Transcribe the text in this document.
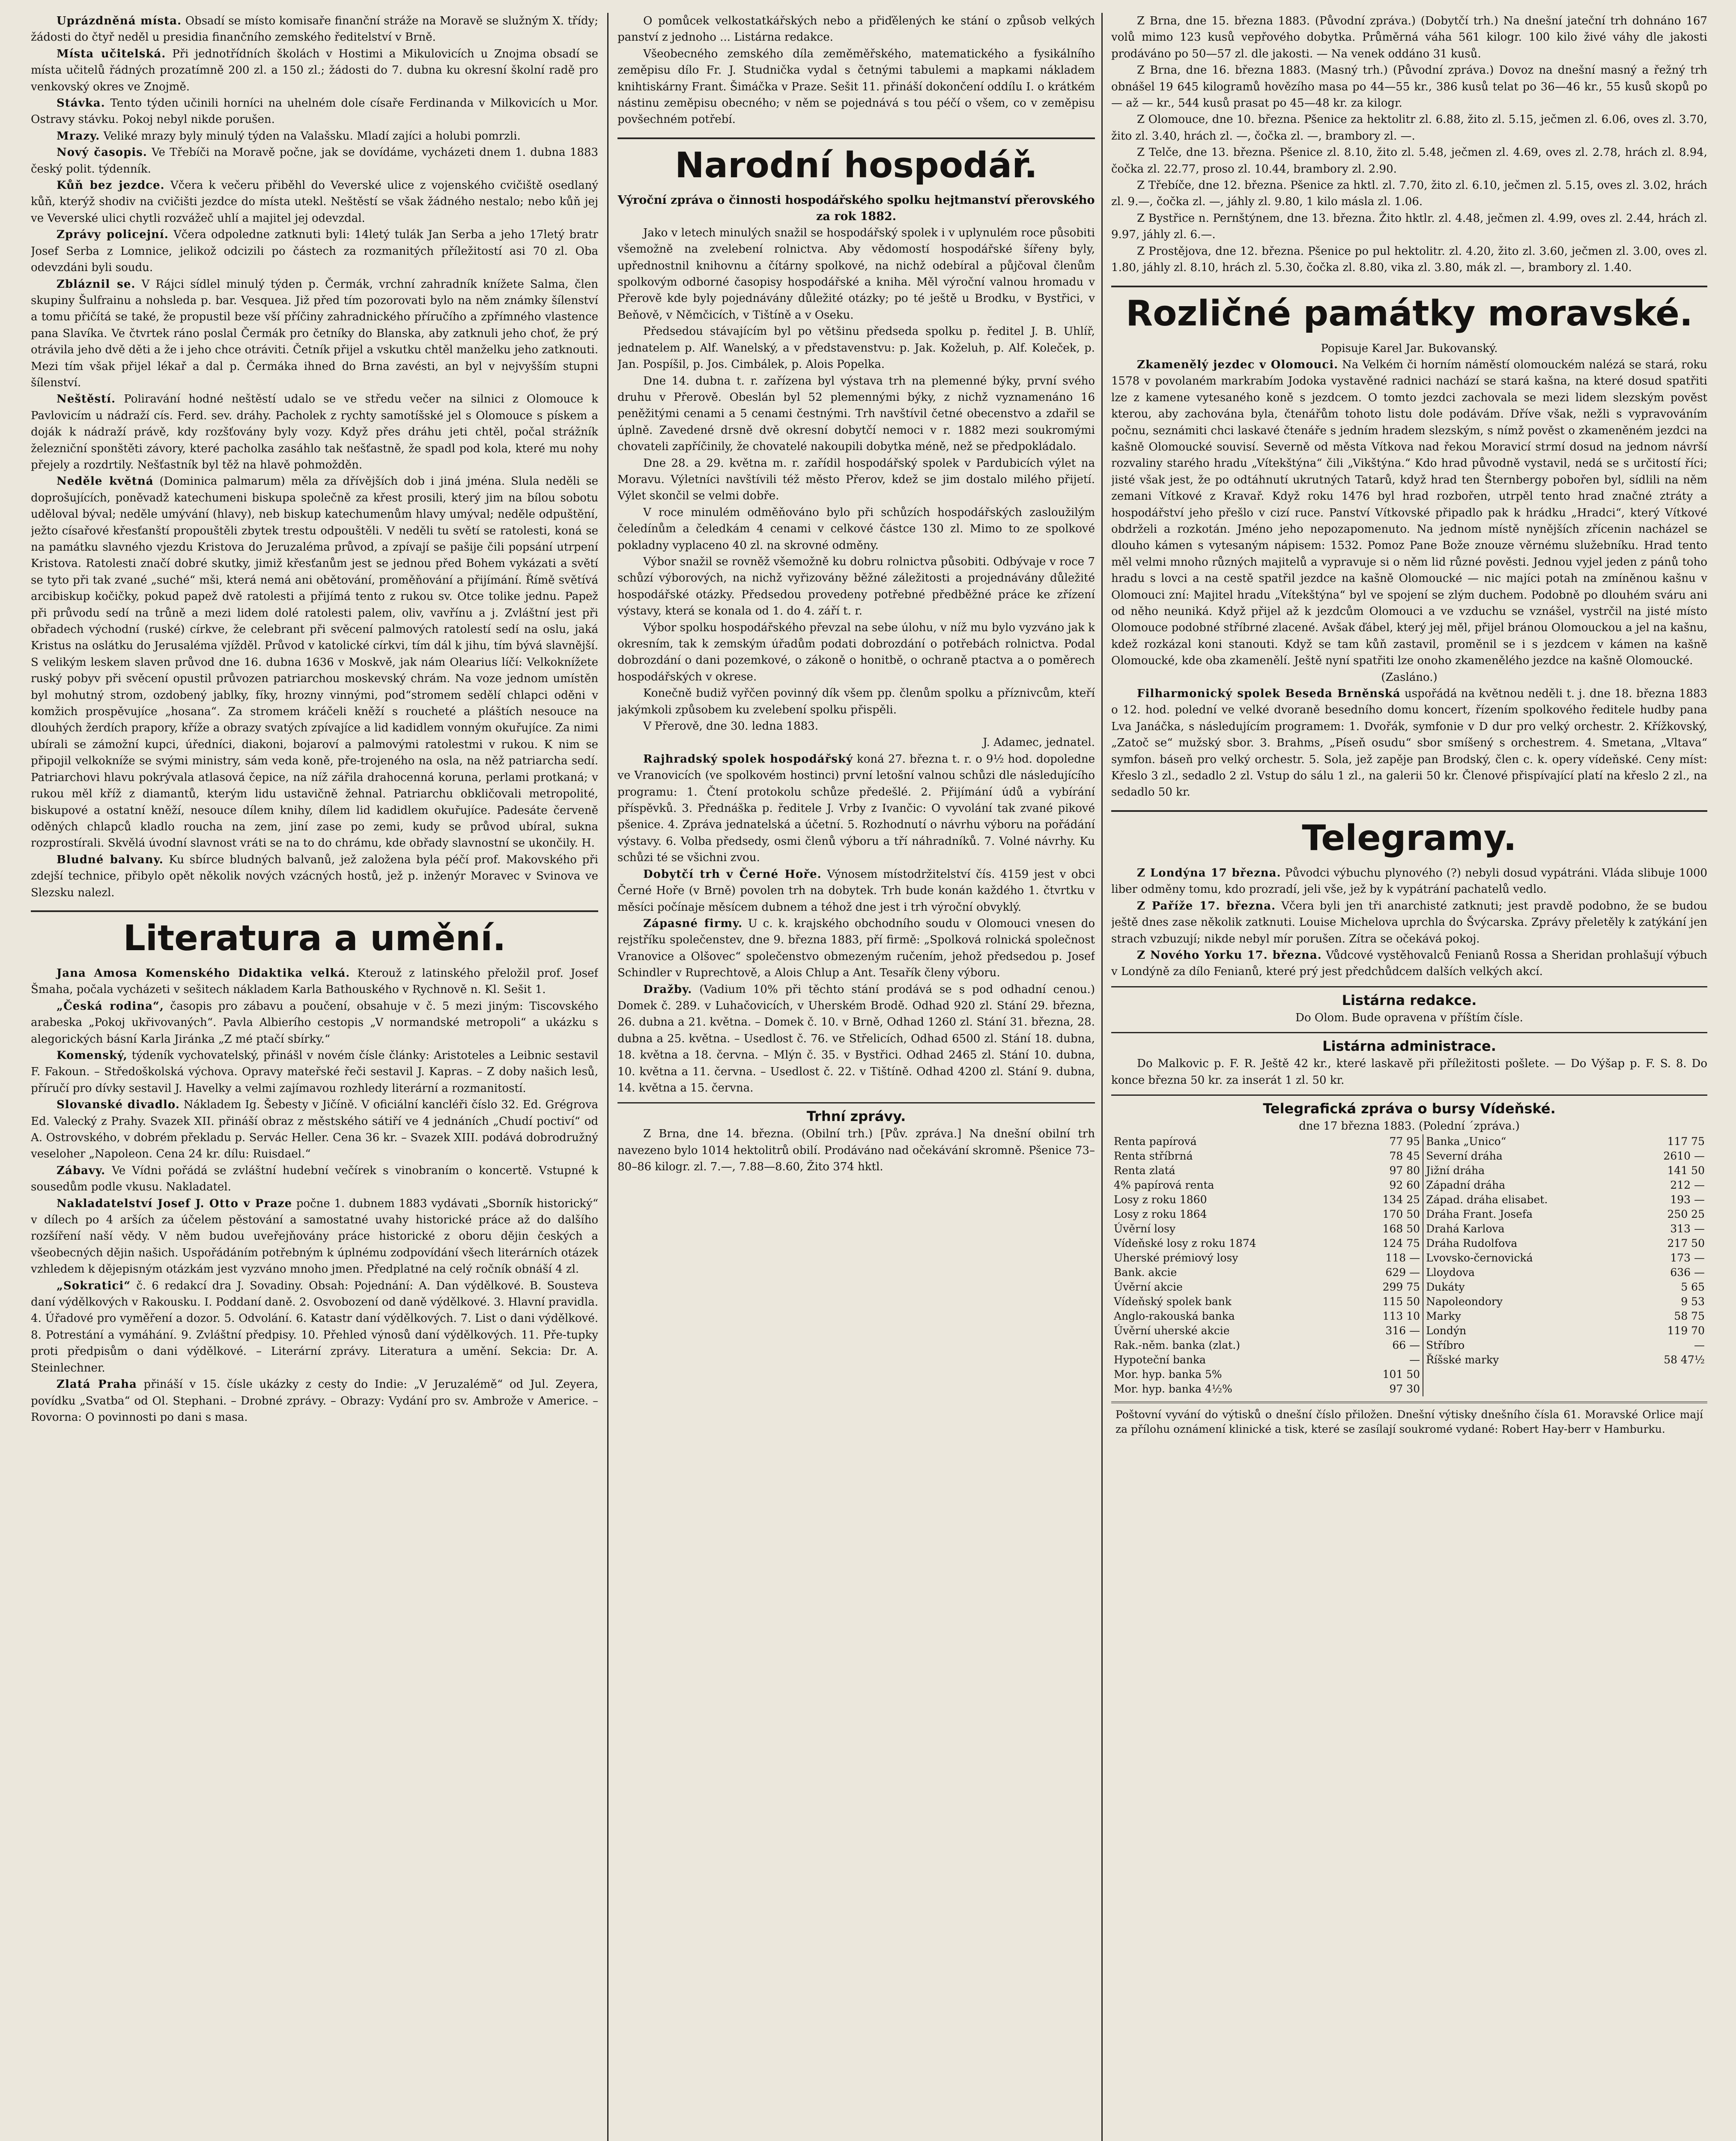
Uprázdněná místa. Obsadí se místo komisaře finanční stráže na Moravě se služným X. třídy; žádosti do čtyř neděl u presidia finančního zemského ředitelství v Brně.

Místa učitelská. Při jednotřídních školách v Hostimi a Mikulovicích u Znojma obsadí se místa učitelů řádných prozatímně 200 zl. a 150 zl.; žádosti do 7. dubna ku okresní školní radě pro venkovský okres ve Znojmě.

Stávka. Tento týden učinili horníci na uhelném dole císaře Ferdinanda v Milkovicích u Mor. Ostravy stávku. Pokoj nebyl nikde porušen.

Mrazy. Veliké mrazy byly minulý týden na Valašsku. Mladí zajíci a holubi pomrzli.

Nový časopis. Ve Třebíči na Moravě počne, jak se dovídáme, vycházeti dnem 1. dubna 1883 český polit. týdenník.

Kůň bez jezdce. Včera k večeru přiběhl do Veverské ulice z vojenského cvičiště osedlaný kůň, kterýž shodiv na cvičišti jezdce do místa utekl. Neštěstí se však žádného nestalo; nebo kůň jej ve Veverské ulici chytli rozvážeč uhlí a majitel jej odevzdal.

Zprávy policejní. Včera odpoledne zatknuti byli: 14letý tulák Jan Serba a jeho 17letý bratr Josef Serba z Lomnice, jelikož odcizili po částech za rozmanitých příležitostí asi 70 zl. Oba odevzdáni byli soudu.

Zbláznil se. V Rájci sídlel minulý týden p. Čermák, vrchní zahradník knížete Salma, člen skupiny Šulfrainu a nohsleda p. bar. Vesquea. Již před tím pozorovati bylo na něm známky šílenství a tomu přičítá se také, že propustil beze vší příčiny zahradnického příručího a zpřímného vlastence pana Slavíka. Ve čtvrtek ráno poslal Čermák pro četníky do Blanska, aby zatknuli jeho choť, že prý otrávila jeho dvě děti a že i jeho chce otráviti. Četník přijel a vskutku chtěl manželku jeho zatknouti. Mezi tím však přijel lékař a dal p. Čermáka ihned do Brna zavésti, an byl v nejvyšším stupni šílenství.

Neštěstí. Poliravání hodné neštěstí udalo se ve středu večer na silnici z Olomouce k Pavlovicím u nádraží cís. Ferd. sev. dráhy. Pacholek z rychty samotíšské jel s Olomouce s pískem a doják k nádraží právě, kdy rozšťovány byly vozy. Když přes dráhu jeti chtěl, počal strážník železniční sponštěti závory, které pacholka zasáhlo tak nešťastně, že spadl pod kola, které mu nohy přejely a rozdrtily. Nešťastník byl těž na hlavě pohmožděn.

Neděle květná (Dominica palmarum) měla za dřívějších dob i jiná jména. Slula neděli se doprošujících, poněvadž katechumeni biskupa společně za křest prosili, který jim na bílou sobotu uděloval býval; neděle umývání (hlavy), neb biskup katechumenům hlavy umýval; neděle odpuštění, ježto císařové křesťanští propouštěli zbytek trestu odpouštěli. V neděli tu světí se ratolesti, koná se na památku slavného vjezdu Kristova do Jeruzaléma průvod, a zpívají se pašije čili popsání utrpení Kristova. Ratolesti značí dobré skutky, jimiž křesťanům jest se jednou před Bohem vykázati a světí se tyto při tak zvané „suché“ mši, která nemá ani obětování, proměňování a přijímání. Římě světívá arcibiskup kočičky, pokud papež dvě ratolesti a přijímá tento z rukou sv. Otce tolike jednu. Papež při průvodu sedí na trůně a mezi lidem dolé ratolesti palem, oliv, vavřínu a j. Zvláštní jest při obřadech východní (ruské) církve, že celebrant při svěcení palmových ratolestí sedí na oslu, jaká Kristus na oslátku do Jerusaléma vjížděl. Průvod v katolické církvi, tím dál k jihu, tím bývá slavnější. S velikým leskem slaven průvod dne 16. dubna 1636 v Moskvě, jak nám Olearius líčí: Velkoknížete ruský pobyv při svěcení opustil průvozen patriarchou moskevský chrám. Na voze jednom umístěn byl mohutný strom, ozdobený jablky, fíky, hrozny vinnými, pod“stromem sedělí chlapci oděni v komžich prospěvujíce „hosana“. Za stromem kráčeli kněží s roucheté a pláštích nesouce na dlouhých žerdích prapory, kříže a obrazy svatých zpívajíce a lid kadidlem vonným okuřujíce. Za nimi ubírali se zámožní kupci, úředníci, diakoni, bojaroví a palmovými ratolestmi v rukou. K nim se připojil velkokníže se svými ministry, sám veda koně, pře-trojeného na osla, na něž patriarcha sedí. Patriarchovi hlavu pokrývala atlasová čepice, na níž zářila drahocenná koruna, perlami protkaná; v rukou měl kříž z diamantů, kterým lidu ustavičně žehnal. Patriarchu obkličovali metropolité, biskupové a ostatní kněží, nesouce dílem knihy, dílem lid kadidlem okuřujíce. Padesáte červeně oděných chlapců kladlo roucha na zem, jiní zase po zemi, kudy se průvod ubíral, sukna rozprostírali. Skvělá úvodní slavnost vráti se na to do chrámu, kde obřady slavnostní se ukončily. H.

Bludné balvany. Ku sbírce bludných balvanů, jež založena byla péčí prof. Makovského při zdejší technice, přibylo opět několik nových vzácných hostů, jež p. inženýr Moravec v Svinova ve Slezsku nalezl.

Literatura a umění.

Jana Amosa Komenského Didaktika velká. Kterouž z latinského přeložil prof. Josef Šmaha, počala vycházeti v sešitech nákladem Karla Bathouského v Rychnově n. Kl. Sešit 1.

„Česká rodina“, časopis pro zábavu a poučení, obsahuje v č. 5 mezi jiným: Tiscovského arabeska „Pokoj ukřivovaných“. Pavla Albierího cestopis „V normandské metropoli“ a ukázku s alegorických básní Karla Jiránka „Z mé ptačí sbírky.“

Komenský, týdeník vychovatelský, přinášl v novém čísle články: Aristoteles a Leibnic sestavil F. Fakoun. – Středoškolská výchova. Opravy mateřské řeči sestavil J. Kapras. – Z doby našich lesů, příručí pro dívky sestavil J. Havelky a velmi zajímavou rozhledy literární a rozmanitostí.

Slovanské divadlo. Nákladem Ig. Šebesty v Jičíně. V oficiální kancléři číslo 32. Ed. Grégrova Ed. Valecký z Prahy. Svazek XII. přináší obraz z městského sátiří ve 4 jednáních „Chudí poctiví“ od A. Ostrovského, v dobrém překladu p. Servác Heller. Cena 36 kr. – Svazek XIII. podává dobrodružný veseloher „Napoleon. Cena 24 kr. dílu: Ruisdael.“

Zábavy. Ve Vídni pořádá se zvláštní hudební večírek s vinobraním o koncertě. Vstupné k sousedům podle vkusu. Nakladatel.

Nakladatelství Josef J. Otto v Praze počne 1. dubnem 1883 vydávati „Sborník historický“ v dílech po 4 arších za účelem pěstování a samostatné uvahy historické práce až do dalšího rozšíření naší vědy. V něm budou uveřejňovány práce historické z oboru dějin českých a všeobecných dějin našich. Uspořádáním potřebným k úplnému zodpovídání všech literárních otázek vzhledem k dějepisným otázkám jest vyzváno mnoho jmen. Předplatné na celý ročník obnáší 4 zl.

„Sokratici“ č. 6 redakcí dra J. Sovadiny. Obsah: Pojednání: A. Dan výdělkové. B. Sousteva daní výdělkových v Rakousku. I. Poddaní daně. 2. Osvobození od daně výdělkové. 3. Hlavní pravidla. 4. Úřadové pro vyměření a dozor. 5. Odvolání. 6. Katastr daní výdělkových. 7. List o dani výdělkové. 8. Potrestání a vymáhání. 9. Zvláštní předpisy. 10. Přehled výnosů daní výdělkových. 11. Pře-tupky proti předpisům o dani výdělkové. – Literární zprávy. Literatura a umění. Sekcia: Dr. A. Steinlechner.

Zlatá Praha přináší v 15. čísle ukázky z cesty do Indie: „V Jeruzalémě“ od Jul. Zeyera, povídku „Svatba“ od Ol. Stephani. – Drobné zprávy. – Obrazy: Vydání pro sv. Ambrože v Americe. – Rovorna: O povinnosti po dani s masa.

O pomůcek velkostatkářských nebo a přiďělených ke stání o způsob velkých panství z jednoho ... Listárna redakce.

Všeobecného zemského díla zeměměřského, matematického a fysikálního zeměpisu dílo Fr. J. Studnička vydal s četnými tabulemi a mapkami nákladem knihtiskárny Frant. Šimáčka v Praze. Sešit 11. přináší dokončení oddílu I. o krátkém nástinu zeměpisu obecného; v něm se pojednává s tou péčí o všem, co v zeměpisu povšechném potřebí.

Narodní hospodář.
Výroční zpráva o činnosti hospodářského spolku hejtmanství přerovského za rok 1882.

Jako v letech minulých snažil se hospodářský spolek i v uplynulém roce působiti všemožně na zvelebení rolnictva. Aby vědomostí hospodářské šířeny byly, upřednostnil knihovnu a čítárny spolkové, na nichž odebíral a půjčoval členům spolkovým odborné časopisy hospodářské a kniha. Měl výroční valnou hromadu v Přerově kde byly pojednávány důležité otázky; po té ještě u Brodku, v Bystřici, v Beňově, v Němčicích, v Tištíně a v Oseku.

Předsedou stávajícím byl po většinu předseda spolku p. ředitel J. B. Uhlíř, jednatelem p. Alf. Wanelský, a v představenstvu: p. Jak. Koželuh, p. Alf. Koleček, p. Jan. Pospíšil, p. Jos. Cimbálek, p. Alois Popelka.

Dne 14. dubna t. r. zařízena byl výstava trh na plemenné býky, první svého druhu v Přerově. Obeslán byl 52 plemennými býky, z nichž vyznamenáno 16 peněžitými cenami a 5 cenami čestnými. Trh navštívil četné obecenstvo a zdařil se úplně. Zavedené drsně dvě okresní dobytčí nemoci v r. 1882 mezi soukromými chovateli zapříčinily, že chovatelé nakoupili dobytka méně, než se předpokládalo.

Dne 28. a 29. května m. r. zařídil hospodářský spolek v Pardubicích výlet na Moravu. Výletníci navštívili též město Přerov, kdež se jim dostalo milého přijetí. Výlet skončil se velmi dobře.

V roce minulém odměňováno bylo při schůzích hospodářských zasloužilým čeledínům a čeledkám 4 cenami v celkové částce 130 zl. Mimo to ze spolkové pokladny vyplaceno 40 zl. na skrovné odměny.

Výbor snažil se rovněž všemožně ku dobru rolnictva působiti. Odbývaje v roce 7 schůzí výborových, na nichž vyřizovány běžné záležitosti a projednávány důležité hospodářské otázky. Předsedou provedeny potřebné předběžné práce ke zřízení výstavy, která se konala od 1. do 4. září t. r.

Výbor spolku hospodářského převzal na sebe úlohu, v níž mu bylo vyzváno jak k okresním, tak k zemským úřadům podati dobrozdání o potřebách rolnictva. Podal dobrozdání o dani pozemkové, o zákoně o honitbě, o ochraně ptactva a o poměrech hospodářských v okrese.

Konečně budiž vyřčen povinný dík všem pp. členům spolku a příznivcům, kteří jakýmkoli způsobem ku zvelebení spolku přispěli.

V Přerově, dne 30. ledna 1883.

J. Adamec, jednatel.

Rajhradský spolek hospodářský koná 27. března t. r. o 9½ hod. dopoledne ve Vranovicích (ve spolkovém hostinci) první letošní valnou schůzi dle následujícího programu: 1. Čtení protokolu schůze předešlé. 2. Přijímání údů a vybírání příspěvků. 3. Přednáška p. ředitele J. Vrby z Ivančic: O vyvolání tak zvané pikové pšenice. 4. Zpráva jednatelská a účetní. 5. Rozhodnutí o návrhu výboru na pořádání výstavy. 6. Volba předsedy, osmi členů výboru a tří náhradníků. 7. Volné návrhy. Ku schůzi té se všichni zvou.

Dobytčí trh v Černé Hoře. Výnosem místodržitelství čís. 4159 jest v obci Černé Hoře (v Brně) povolen trh na dobytek. Trh bude konán každého 1. čtvrtku v měsíci počínaje měsícem dubnem a téhož dne jest i trh výroční obvyklý.

Zápasné firmy. U c. k. krajského obchodního soudu v Olomouci vnesen do rejstříku společenstev, dne 9. března 1883, pří firmě: „Spolková rolnická společnost Vranovice a Olšovec“ společenstvo obmezeným ručením, jehož předsedou p. Josef Schindler v Ruprechtově, a Alois Chlup a Ant. Tesařík členy výboru.

Dražby. (Vadium 10% při těchto stání prodává se s pod odhadní cenou.) Domek č. 289. v Luhačovicích, v Uherském Brodě. Odhad 920 zl. Stání 29. března, 26. dubna a 21. května. – Domek č. 10. v Brně, Odhad 1260 zl. Stání 31. března, 28. dubna a 25. května. – Usedlost č. 76. ve Střelicích, Odhad 6500 zl. Stání 18. dubna, 18. května a 18. června. – Mlýn č. 35. v Bystřici. Odhad 2465 zl. Stání 10. dubna, 10. května a 11. června. – Usedlost č. 22. v Tištíně. Odhad 4200 zl. Stání 9. dubna, 14. května a 15. června.

Trhní zprávy.

Z Brna, dne 14. března. (Obilní trh.) [Pův. zpráva.] Na dnešní obilní trh navezeno bylo 1014 hektolitrů obilí. Prodáváno nad očekávání skromně. Pšenice 73–80–86 kilogr. zl. 7.—, 7.88—8.60, Žito 374 hktl.

Z Brna, dne 15. března 1883. (Původní zpráva.) (Dobytčí trh.) Na dnešní jateční trh dohnáno 167 volů mimo 123 kusů vepřového dobytka. Průměrná váha 561 kilogr. 100 kilo živé váhy dle jakosti prodáváno po 50—57 zl. dle jakosti. — Na venek oddáno 31 kusů.

Z Brna, dne 16. března 1883. (Masný trh.) (Původní zpráva.) Dovoz na dnešní masný a řežný trh obnášel 19 645 kilogramů hovězího masa po 44—55 kr., 386 kusů telat po 36—46 kr., 55 kusů skopů po — až — kr., 544 kusů prasat po 45—48 kr. za kilogr.

Z Olomouce, dne 10. března. Pšenice za hektolitr zl. 6.88, žito zl. 5.15, ječmen zl. 6.06, oves zl. 3.70, žito zl. 3.40, hrách zl. —, čočka zl. —, brambory zl. —.

Z Telče, dne 13. března. Pšenice zl. 8.10, žito zl. 5.48, ječmen zl. 4.69, oves zl. 2.78, hrách zl. 8.94, čočka zl. 22.77, proso zl. 10.44, brambory zl. 2.90.

Z Třebíče, dne 12. března. Pšenice za hktl. zl. 7.70, žito zl. 6.10, ječmen zl. 5.15, oves zl. 3.02, hrách zl. 9.—, čočka zl. —, jáhly zl. 9.80, 1 kilo másla zl. 1.06.

Z Bystřice n. Pernštýnem, dne 13. března. Žito hktlr. zl. 4.48, ječmen zl. 4.99, oves zl. 2.44, hrách zl. 9.97, jáhly zl. 6.—.

Z Prostějova, dne 12. března. Pšenice po pul hektolitr. zl. 4.20, žito zl. 3.60, ječmen zl. 3.00, oves zl. 1.80, jáhly zl. 8.10, hrách zl. 5.30, čočka zl. 8.80, vika zl. 3.80, mák zl. —, brambory zl. 1.40.

Rozličné památky moravské.
Popisuje Karel Jar. Bukovanský.

Zkamenělý jezdec v Olomouci. Na Velkém či horním náměstí olomouckém nalézá se stará, roku 1578 v povolaném markrabím Jodoka vystavěné radnici nachází se stará kašna, na které dosud spatřiti lze z kamene vytesaného koně s jezdcem. O tomto jezdci zachovala se mezi lidem slezským pověst kterou, aby zachována byla, čtenářům tohoto listu dole podávám. Dříve však, nežli s vypravováním počnu, seznámiti chci laskavé čtenáře s jedním hradem slezským, s nímž pověst o zkameněném jezdci na kašně Olomoucké souvisí. Severně od města Vítkova nad řekou Moravicí strmí dosud na jednom návrší rozvaliny starého hradu „Vítekštýna“ čili „Vikštýna.“ Kdo hrad původně vystavil, nedá se s určitostí říci; jisté však jest, že po odtáhnutí ukrutných Tatarů, když hrad ten Šternbergy pobořen byl, sídlili na něm zemani Vítkové z Kravař. Když roku 1476 byl hrad rozbořen, utrpěl tento hrad značné ztráty a hospodářství jeho přešlo v cizí ruce. Panství Vítkovské připadlo pak k hrádku „Hradci“, který Vítkové obdrželi a rozkotán. Jméno jeho nepozapomenuto. Na jednom místě nynějších zřícenin nacházel se dlouho kámen s vytesaným nápisem: 1532. Pomoz Pane Bože znouze věrnému služebníku. Hrad tento měl velmi mnoho různých majitelů a vypravuje si o něm lid různé pověsti. Jednou vyjel jeden z pánů toho hradu s lovci a na cestě spatřil jezdce na kašně Olomoucké — nic majíci potah na zmíněnou kašnu v Olomouci zní: Majitel hradu „Vítekštýna“ byl ve spojení se zlým duchem. Podobně po dlouhém sváru ani od něho neuniká. Když přijel až k jezdcům Olomouci a ve vzduchu se vznášel, vystrčil na jisté místo Olomouce podobné stříbrné zlacené. Avšak ďábel, který jej měl, přijel bránou Olomouckou a jel na kašnu, kdež rozkázal koni stanouti. Když se tam kůň zastavil, proměnil se i s jezdcem v kámen na kašně Olomoucké, kde oba zkamenělí. Ještě nyní spatřiti lze onoho zkamenělého jezdce na kašně Olomoucké.

(Zasláno.)

Filharmonický spolek Beseda Brněnská uspořádá na květnou neděli t. j. dne 18. března 1883 o 12. hod. polední ve velké dvoraně besedního domu koncert, řízením spolkového ředitele hudby pana Lva Janáčka, s následujícím programem: 1. Dvořák, symfonie v D dur pro velký orchestr. 2. Křížkovský, „Zatoč se“ mužský sbor. 3. Brahms, „Píseň osudu“ sbor smíšený s orchestrem. 4. Smetana, „Vltava“ symfon. báseň pro velký orchestr. 5. Sola, jež zapěje pan Brodský, člen c. k. opery vídeňské. Ceny míst: Křeslo 3 zl., sedadlo 2 zl. Vstup do sálu 1 zl., na galerii 50 kr. Členové přispívající platí na křeslo 2 zl., na sedadlo 50 kr.

Telegramy.

Z Londýna 17 března. Původci výbuchu plynového (?) nebyli dosud vypátráni. Vláda slibuje 1000 liber odměny tomu, kdo prozradí, jeli vše, jež by k vypátrání pachatelů vedlo.

Z Paříže 17. března. Včera byli jen tři anarchisté zatknuti; jest pravdě podobno, že se budou ještě dnes zase několik zatknuti. Louise Michelova uprchla do Švýcarska. Zprávy přeletěly k zatýkání jen strach vzbuzují; nikde nebyl mír porušen. Zítra se očekává pokoj.

Z Nového Yorku 17. března. Vůdcové vystěhovalců Fenianů Rossa a Sheridan prohlašují výbuch v Londýně za dílo Fenianů, které prý jest předchůdcem dalších velkých akcí.

Listárna redakce.
Do Olom. Bude opravena v příštím čísle.
Listárna administrace.

Do Malkovic p. F. R. Ještě 42 kr., které laskavě při příležitosti pošlete. — Do Výšap p. F. S. 8. Do konce března 50 kr. za inserát 1 zl. 50 kr.

Telegrafická zpráva o bursy Vídeňské.
dne 17 března 1883. (Polední ´zpráva.)
Renta papírová	77 95	Banka „Unico“	117 75
Renta stříbrná	78 45	Severní dráha	2610 —
Renta zlatá	97 80	Jižní dráha	141 50
4% papírová renta	92 60	Západní dráha	212 —
Losy z roku 1860	134 25	Západ. dráha elisabet.	193 —
Losy z roku 1864	170 50	Dráha Frant. Josefa	250 25
Úvěrní losy	168 50	Drahá Karlova	313 —
Vídeňské losy z roku 1874	124 75	Dráha Rudolfova	217 50
Uherské prémiový losy	118 —	Lvovsko-černovická	173 —
Bank. akcie	629 —	Lloydova	636 —
Úvěrní akcie	299 75	Dukáty	5 65
Vídeňský spolek bank	115 50	Napoleondory	9 53
Anglo-rakouská banka	113 10	Marky	58 75
Úvěrní uherské akcie	316 —	Londýn	119 70
Rak.-něm. banka (zlat.)	66 —	Stříbro	—
Hypoteční banka	—	Říšské marky	58 47½
Mor. hyp. banka 5%	101 50		
Mor. hyp. banka 4½%	97 30		
Poštovní vyvání do výtisků o dnešní číslo přiložen. Dnešní výtisky dnešního čísla 61. Moravské Orlice mají za přílohu oznámení klinické a tisk, které se zasílají soukromé vydané: Robert Hay-berr v Hamburku.
